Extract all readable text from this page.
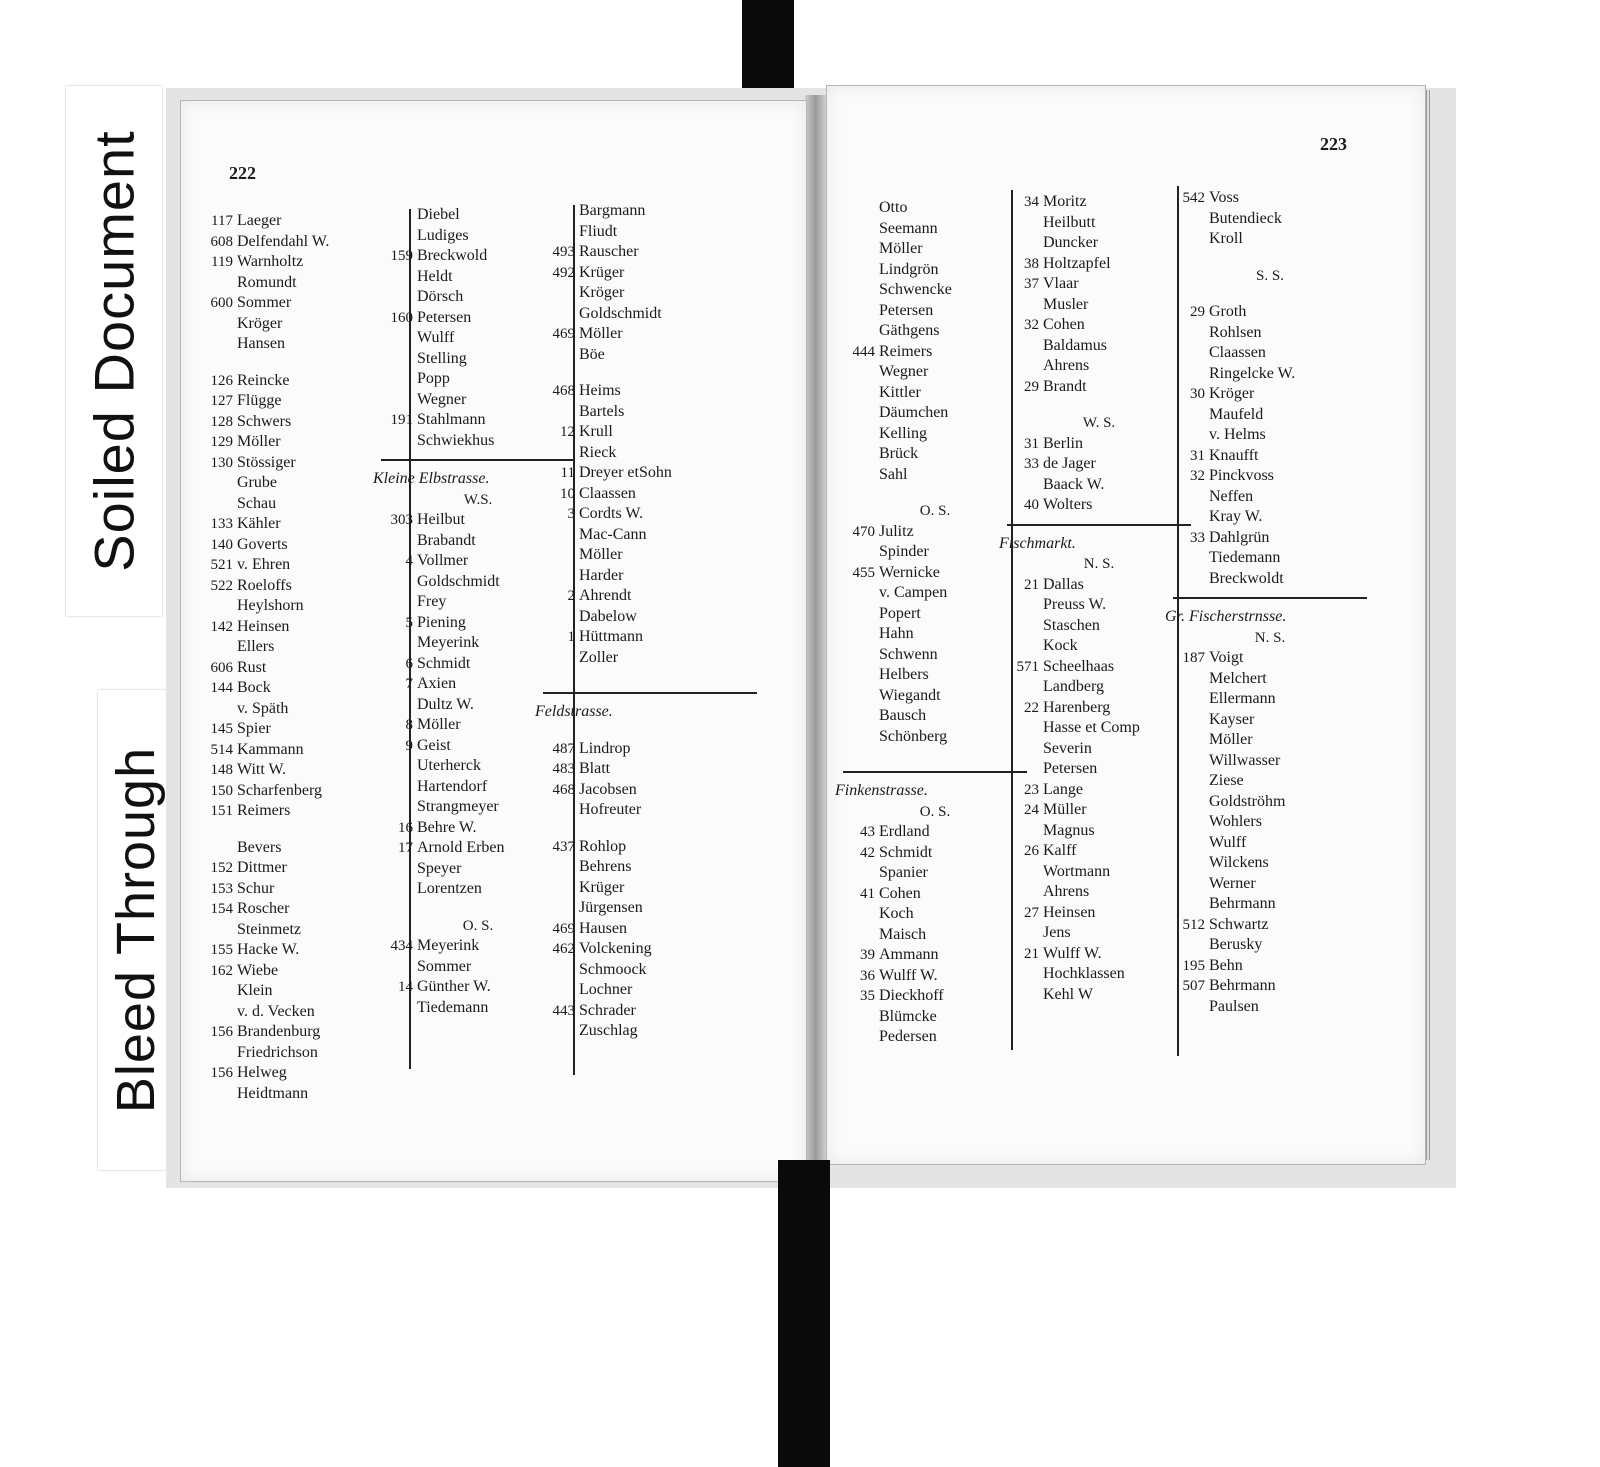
Soiled Document
Bleed Through
222
117 Laeger
608 Delfendahl W.
119 Warnholtz
Romundt
600 Sommer
Kröger
Hansen
126 Reincke
127 Flügge
128 Schwers
129 Möller
130 Stössiger
Grube
Schau
133 Kähler
140 Goverts
521 v. Ehren
522 Roeloffs
Heylshorn
142 Heinsen
Ellers
606 Rust
144 Bock
v. Späth
145 Spier
514 Kammann
148 Witt W.
150 Scharfenberg
151 Reimers
Bevers
152 Dittmer
153 Schur
154 Roscher
Steinmetz
155 Hacke W.
162 Wiebe
Klein
v. d. Vecken
156 Brandenburg
Friedrichson
156 Helweg
Heidtmann
Diebel
Ludiges
159 Breckwold
Heldt
Dörsch
160 Petersen
Wulff
Stelling
Popp
Wegner
191 Stahlmann
Schwiekhus
Kleine Elbstrasse.
W.S.
303 Heilbut
Brabandt
4 Vollmer
Goldschmidt
Frey
5 Piening
Meyerink
6 Schmidt
7 Axien
Dultz W.
8 Möller
9 Geist
Uterherck
Hartendorf
Strangmeyer
16 Behre W.
17 Arnold Erben
Speyer
Lorentzen
O. S.
434 Meyerink
Sommer
14 Günther W.
Tiedemann
Bargmann
Fliudt
493 Rauscher
492 Krüger
Kröger
Goldschmidt
469 Möller
Böe
468 Heims
Bartels
12 Krull
Rieck
11 Dreyer etSohn
10 Claassen
3 Cordts W.
Mac-Cann
Möller
Harder
2 Ahrendt
Dabelow
1 Hüttmann
Zoller
Feldstrasse.
487 Lindrop
483 Blatt
468 Jacobsen
Hofreuter
437 Rohlop
Behrens
Krüger
Jürgensen
469 Hausen
462 Volckening
Schmoock
Lochner
443 Schrader
Zuschlag
223
Otto
Seemann
Möller
Lindgrön
Schwencke
Petersen
Gäthgens
444 Reimers
Wegner
Kittler
Däumchen
Kelling
Brück
Sahl
O. S.
470 Julitz
Spinder
455 Wernicke
v. Campen
Popert
Hahn
Schwenn
Helbers
Wiegandt
Bausch
Schönberg
Finkenstrasse.
O. S.
43 Erdland
42 Schmidt
Spanier
41 Cohen
Koch
Maisch
39 Ammann
36 Wulff W.
35 Dieckhoff
Blümcke
Pedersen
34 Moritz
Heilbutt
Duncker
38 Holtzapfel
37 Vlaar
Musler
32 Cohen
Baldamus
Ahrens
29 Brandt
W. S.
31 Berlin
33 de Jager
Baack W.
40 Wolters
Fischmarkt.
N. S.
21 Dallas
Preuss W.
Staschen
Kock
571 Scheelhaas
Landberg
22 Harenberg
Hasse et Comp
Severin
Petersen
23 Lange
24 Müller
Magnus
26 Kalff
Wortmann
Ahrens
27 Heinsen
Jens
21 Wulff W.
Hochklassen
Kehl W
542 Voss
Butendieck
Kroll
S. S.
29 Groth
Rohlsen
Claassen
Ringelcke W.
30 Kröger
Maufeld
v. Helms
31 Knaufft
32 Pinckvoss
Neffen
Kray W.
33 Dahlgrün
Tiedemann
Breckwoldt
Gr. Fischerstrnsse.
N. S.
187 Voigt
Melchert
Ellermann
Kayser
Möller
Willwasser
Ziese
Goldströhm
Wohlers
Wulff
Wilckens
Werner
Behrmann
512 Schwartz
Berusky
195 Behn
507 Behrmann
Paulsen
